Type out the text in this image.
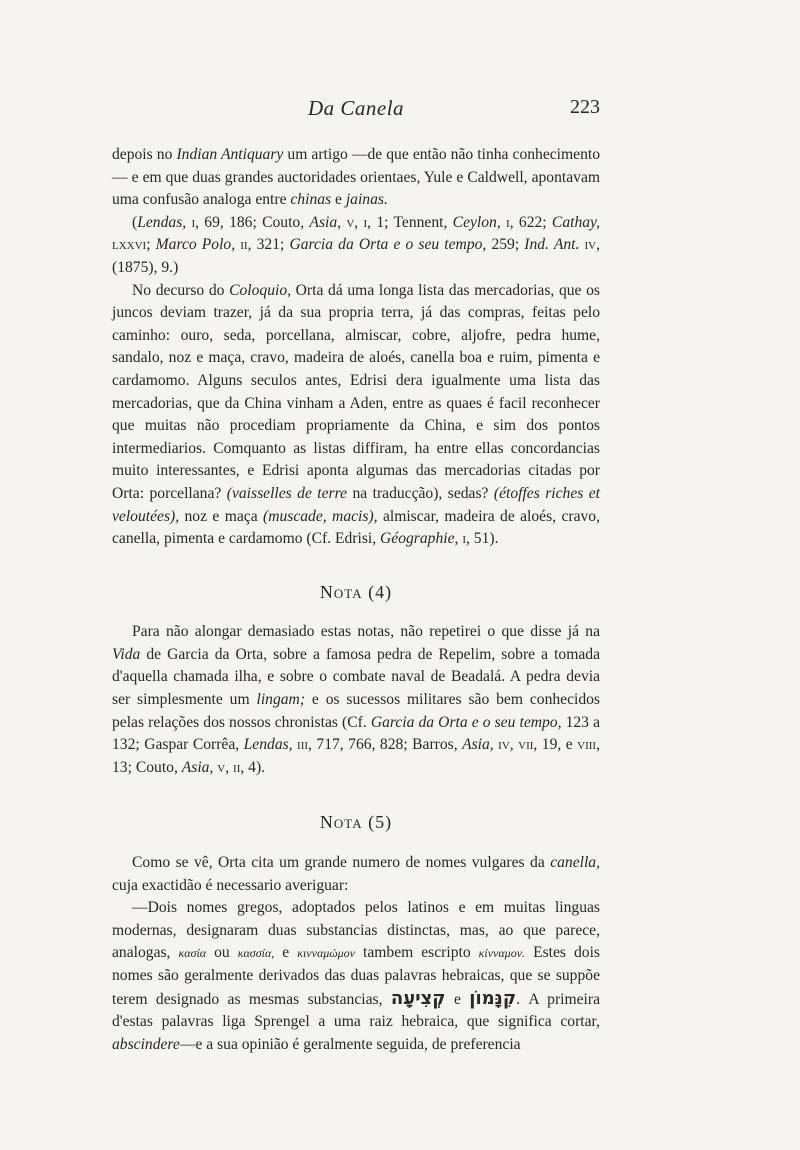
Da Canela	223

depois no Indian Antiquary um artigo —de que então não tinha conhecimento— e em que duas grandes auctoridades orientaes, Yule e Caldwell, apontavam uma confusão analoga entre chinas e jainas.

(Lendas, i, 69, 186; Couto, Asia, v, i, 1; Tennent, Ceylon, i, 622; Cathay, lxxvi; Marco Polo, ii, 321; Garcia da Orta e o seu tempo, 259; Ind. Ant. iv, (1875), 9.)

No decurso do Coloquio, Orta dá uma longa lista das mercadorias, que os juncos deviam trazer, já da sua propria terra, já das compras, feitas pelo caminho: ouro, seda, porcellana, almiscar, cobre, aljofre, pedra hume, sandalo, noz e maça, cravo, madeira de aloés, canella boa e ruim, pimenta e cardamomo. Alguns seculos antes, Edrisi dera igualmente uma lista das mercadorias, que da China vinham a Aden, entre as quaes é facil reconhecer que muitas não procediam propriamente da China, e sim dos pontos intermediarios. Comquanto as listas diffiram, ha entre ellas concordancias muito interessantes, e Edrisi aponta algumas das mercadorias citadas por Orta: porcellana? (vaisselles de terre na traducção), sedas? (étoffes riches et veloutées), noz e maça (muscade, macis), almiscar, madeira de aloés, cravo, canella, pimenta e cardamomo (Cf. Edrisi, Géographie, i, 51).

Nota (4)

Para não alongar demasiado estas notas, não repetirei o que disse já na Vida de Garcia da Orta, sobre a famosa pedra de Repelim, sobre a tomada d'aquella chamada ilha, e sobre o combate naval de Beadalá. A pedra devia ser simplesmente um lingam; e os sucessos militares são bem conhecidos pelas relações dos nossos chronistas (Cf. Garcia da Orta e o seu tempo, 123 a 132; Gaspar Corrêa, Lendas, iii, 717, 766, 828; Barros, Asia, iv, vii, 19, e viii, 13; Couto, Asia, v, ii, 4).

Nota (5)

Como se vê, Orta cita um grande numero de nomes vulgares da canella, cuja exactidão é necessario averiguar:

—Dois nomes gregos, adoptados pelos latinos e em muitas linguas modernas, designaram duas substancias distinctas, mas, ao que parece, analogas, κασία ou κασσία, e κινναμώμον tambem escripto κίνναμον. Estes dois nomes são geralmente derivados das duas palavras hebraicas, que se suppõe terem designado as mesmas substancias, קְצִיעָה e קִנָּמוֹן. A primeira d'estas palavras liga Sprengel a uma raiz hebraica, que significa cortar, abscindere—e a sua opinião é geralmente seguida, de preferencia
